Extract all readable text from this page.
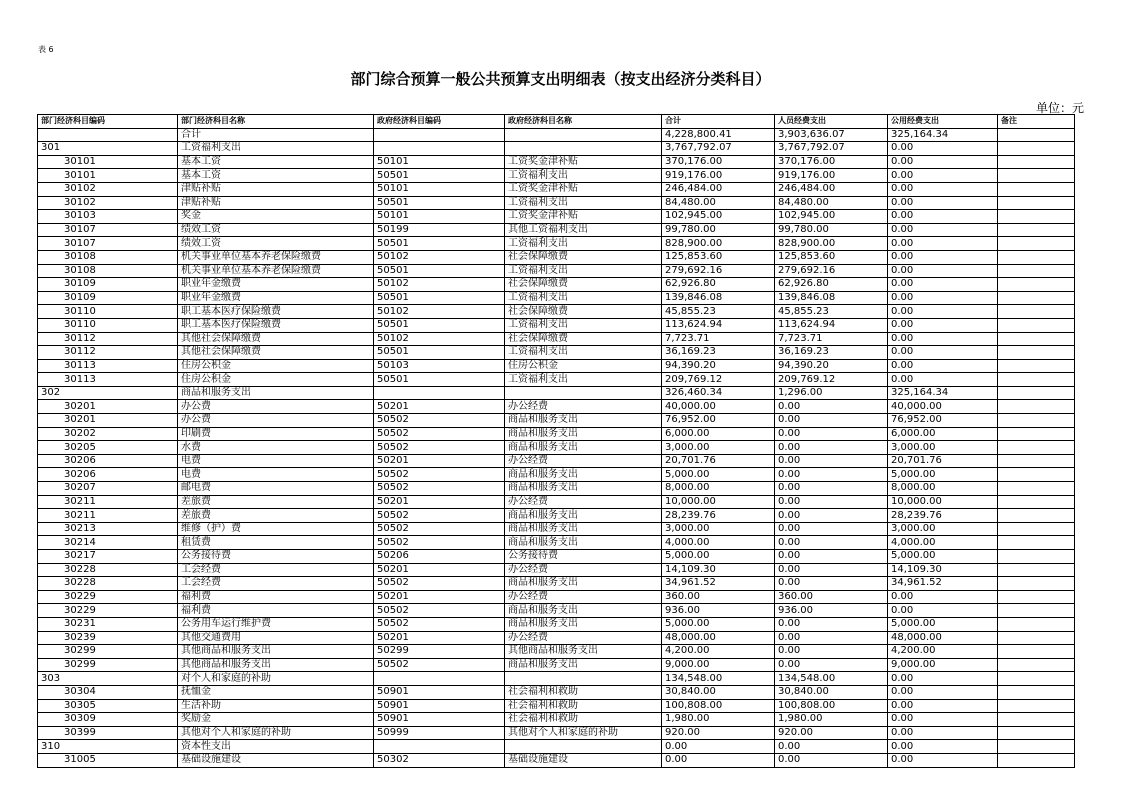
表 6
部门综合预算一般公共预算支出明细表（按支出经济分类科目）
单位：元
部门经济科目编码	部门经济科目名称	政府经济科目编码	政府经济科目名称	合计	人员经费支出	公用经费支出	备注
	合计			4,228,800.41	3,903,636.07	325,164.34	
301	工资福利支出			3,767,792.07	3,767,792.07	0.00	
30101	基本工资	50101	工资奖金津补贴	370,176.00	370,176.00	0.00	
30101	基本工资	50501	工资福利支出	919,176.00	919,176.00	0.00	
30102	津贴补贴	50101	工资奖金津补贴	246,484.00	246,484.00	0.00	
30102	津贴补贴	50501	工资福利支出	84,480.00	84,480.00	0.00	
30103	奖金	50101	工资奖金津补贴	102,945.00	102,945.00	0.00	
30107	绩效工资	50199	其他工资福利支出	99,780.00	99,780.00	0.00	
30107	绩效工资	50501	工资福利支出	828,900.00	828,900.00	0.00	
30108	机关事业单位基本养老保险缴费	50102	社会保障缴费	125,853.60	125,853.60	0.00	
30108	机关事业单位基本养老保险缴费	50501	工资福利支出	279,692.16	279,692.16	0.00	
30109	职业年金缴费	50102	社会保障缴费	62,926.80	62,926.80	0.00	
30109	职业年金缴费	50501	工资福利支出	139,846.08	139,846.08	0.00	
30110	职工基本医疗保险缴费	50102	社会保障缴费	45,855.23	45,855.23	0.00	
30110	职工基本医疗保险缴费	50501	工资福利支出	113,624.94	113,624.94	0.00	
30112	其他社会保障缴费	50102	社会保障缴费	7,723.71	7,723.71	0.00	
30112	其他社会保障缴费	50501	工资福利支出	36,169.23	36,169.23	0.00	
30113	住房公积金	50103	住房公积金	94,390.20	94,390.20	0.00	
30113	住房公积金	50501	工资福利支出	209,769.12	209,769.12	0.00	
302	商品和服务支出			326,460.34	1,296.00	325,164.34	
30201	办公费	50201	办公经费	40,000.00	0.00	40,000.00	
30201	办公费	50502	商品和服务支出	76,952.00	0.00	76,952.00	
30202	印刷费	50502	商品和服务支出	6,000.00	0.00	6,000.00	
30205	水费	50502	商品和服务支出	3,000.00	0.00	3,000.00	
30206	电费	50201	办公经费	20,701.76	0.00	20,701.76	
30206	电费	50502	商品和服务支出	5,000.00	0.00	5,000.00	
30207	邮电费	50502	商品和服务支出	8,000.00	0.00	8,000.00	
30211	差旅费	50201	办公经费	10,000.00	0.00	10,000.00	
30211	差旅费	50502	商品和服务支出	28,239.76	0.00	28,239.76	
30213	维修（护）费	50502	商品和服务支出	3,000.00	0.00	3,000.00	
30214	租赁费	50502	商品和服务支出	4,000.00	0.00	4,000.00	
30217	公务接待费	50206	公务接待费	5,000.00	0.00	5,000.00	
30228	工会经费	50201	办公经费	14,109.30	0.00	14,109.30	
30228	工会经费	50502	商品和服务支出	34,961.52	0.00	34,961.52	
30229	福利费	50201	办公经费	360.00	360.00	0.00	
30229	福利费	50502	商品和服务支出	936.00	936.00	0.00	
30231	公务用车运行维护费	50502	商品和服务支出	5,000.00	0.00	5,000.00	
30239	其他交通费用	50201	办公经费	48,000.00	0.00	48,000.00	
30299	其他商品和服务支出	50299	其他商品和服务支出	4,200.00	0.00	4,200.00	
30299	其他商品和服务支出	50502	商品和服务支出	9,000.00	0.00	9,000.00	
303	对个人和家庭的补助			134,548.00	134,548.00	0.00	
30304	抚恤金	50901	社会福利和救助	30,840.00	30,840.00	0.00	
30305	生活补助	50901	社会福利和救助	100,808.00	100,808.00	0.00	
30309	奖励金	50901	社会福利和救助	1,980.00	1,980.00	0.00	
30399	其他对个人和家庭的补助	50999	其他对个人和家庭的补助	920.00	920.00	0.00	
310	资本性支出			0.00	0.00	0.00	
31005	基础设施建设	50302	基础设施建设	0.00	0.00	0.00	
